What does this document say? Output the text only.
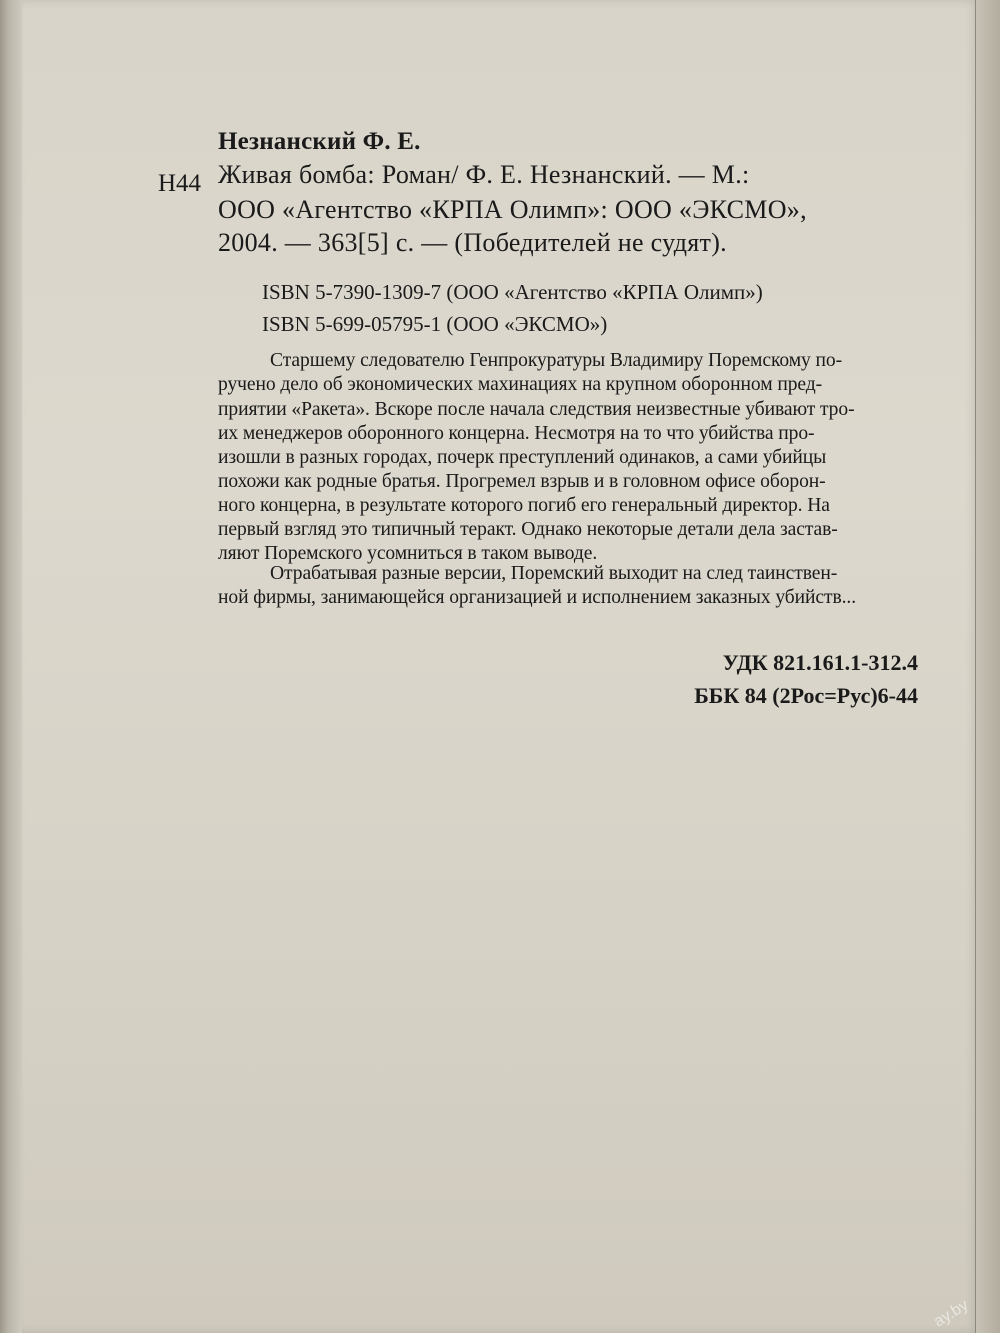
Незнанский Ф. Е.

Н44 Живая бомба: Роман/ Ф. Е. Незнанский. — М.:

ООО «Агентство «КРПА Олимп»: ООО «ЭКСМО»,

2004. — 363[5] с. — (Победителей не судят).

ISBN 5-7390-1309-7 (ООО «Агентство «КРПА Олимп»)

ISBN 5-699-05795-1 (ООО «ЭКСМО»)

Старшему следователю Генпрокуратуры Владимиру Поремскому по-

ручено дело об экономических махинациях на крупном оборонном пред-

приятии «Ракета». Вскоре после начала следствия неизвестные убивают тро-

их менеджеров оборонного концерна. Несмотря на то что убийства про-

изошли в разных городах, почерк преступлений одинаков, а сами убийцы

похожи как родные братья. Прогремел взрыв и в головном офисе оборон-

ного концерна, в результате которого погиб его генеральный директор. На

первый взгляд это типичный теракт. Однако некоторые детали дела застав-

ляют Поремского усомниться в таком выводе.

Отрабатывая разные версии, Поремский выходит на след таинствен-

ной фирмы, занимающейся организацией и исполнением заказных убийств...

УДК 821.161.1-312.4

ББК 84 (2Рос=Рус)6-44

ay.by
